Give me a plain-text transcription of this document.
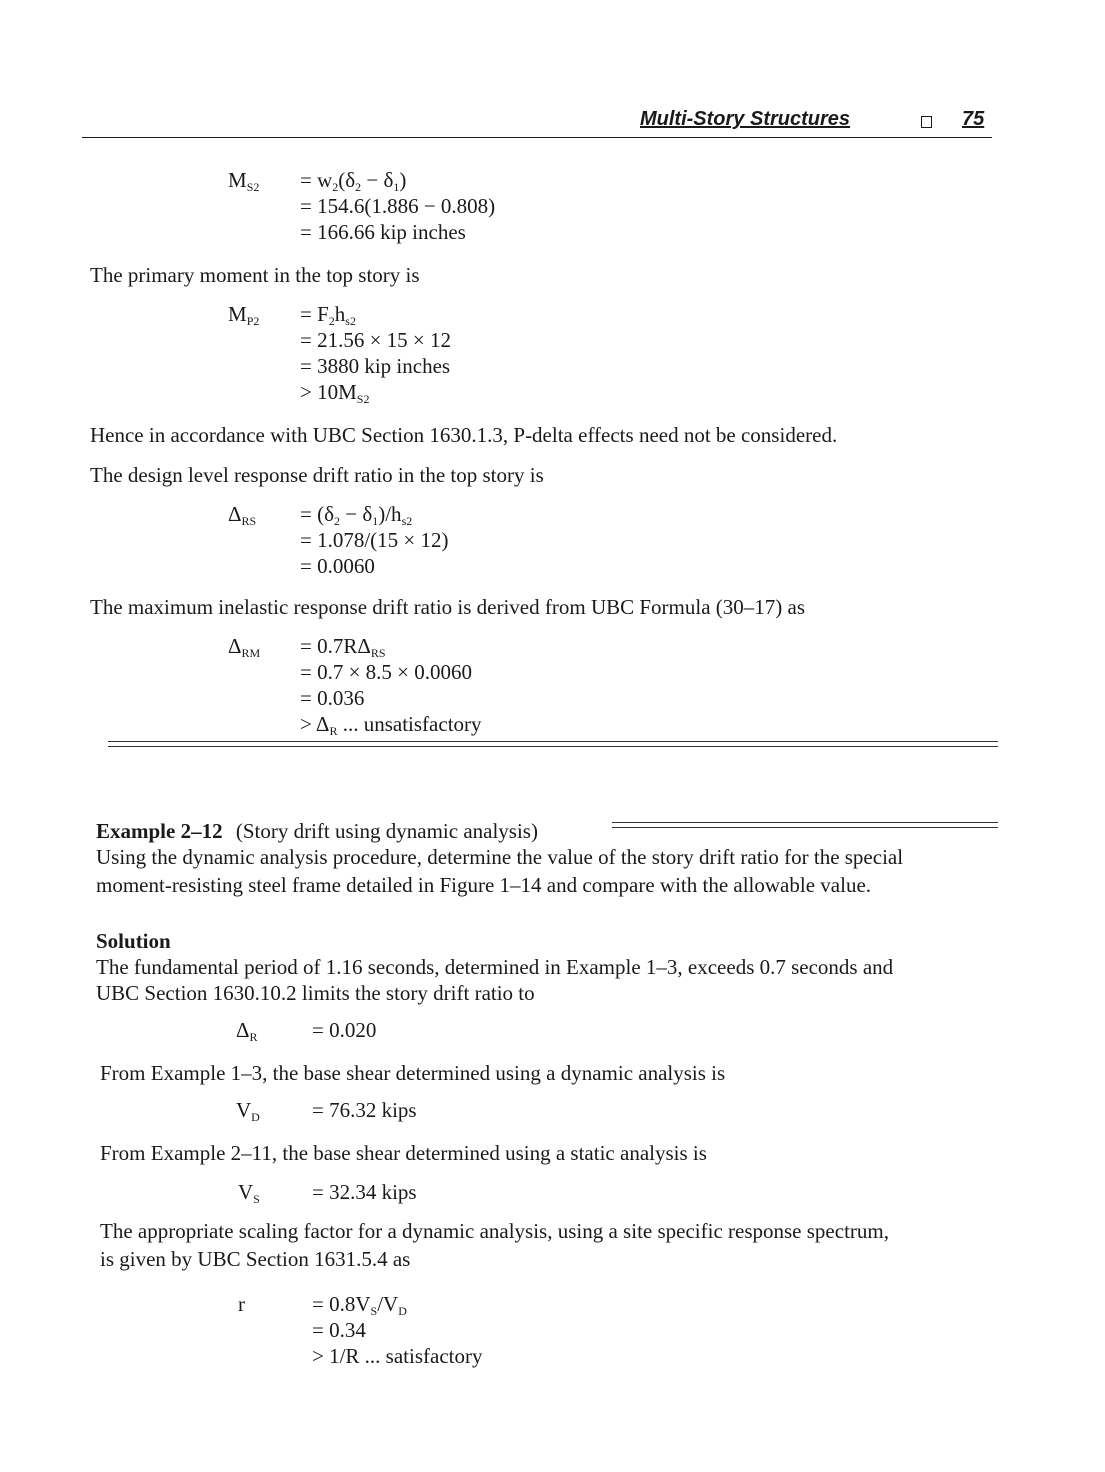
Multi-Story Structures	75
$M_{S2} = w_2(\delta_2 - \delta_1)$
= 154.6(1.886 − 0.808)
= 166.66 kip inches
The primary moment in the top story is
$M_{P2} = F_2h_{s2}$
= 21.56 × 15 × 12
= 3880 kip inches
> $10M_{S2}$
Hence in accordance with UBC Section 1630.1.3, P-delta effects need not be considered.
The design level response drift ratio in the top story is
$\Delta_{RS} = (\delta_2 - \delta_1)/h_{s2}$
= 1.078/(15 × 12)
= 0.0060
The maximum inelastic response drift ratio is derived from UBC Formula (30–17) as
$\Delta_{RM} = 0.7R\Delta_{RS}$
= 0.7 × 8.5 × 0.0060
= 0.036
> $\Delta_R$ ... unsatisfactory
Example 2–12 (Story drift using dynamic analysis)
Using the dynamic analysis procedure, determine the value of the story drift ratio for the special
moment-resisting steel frame detailed in Figure 1–14 and compare with the allowable value.
Solution
The fundamental period of 1.16 seconds, determined in Example 1–3, exceeds 0.7 seconds and
UBC Section 1630.10.2 limits the story drift ratio to
$\Delta_R$	= 0.020
From Example 1–3, the base shear determined using a dynamic analysis is
$V_D = 76.32$ kips
From Example 2–11, the base shear determined using a static analysis is
$V_S = 32.34$ kips
The appropriate scaling factor for a dynamic analysis, using a site specific response spectrum,
is given by UBC Section 1631.5.4 as
r	= $0.8V_S/V_D$
= 0.34
> 1/R ... satisfactory
